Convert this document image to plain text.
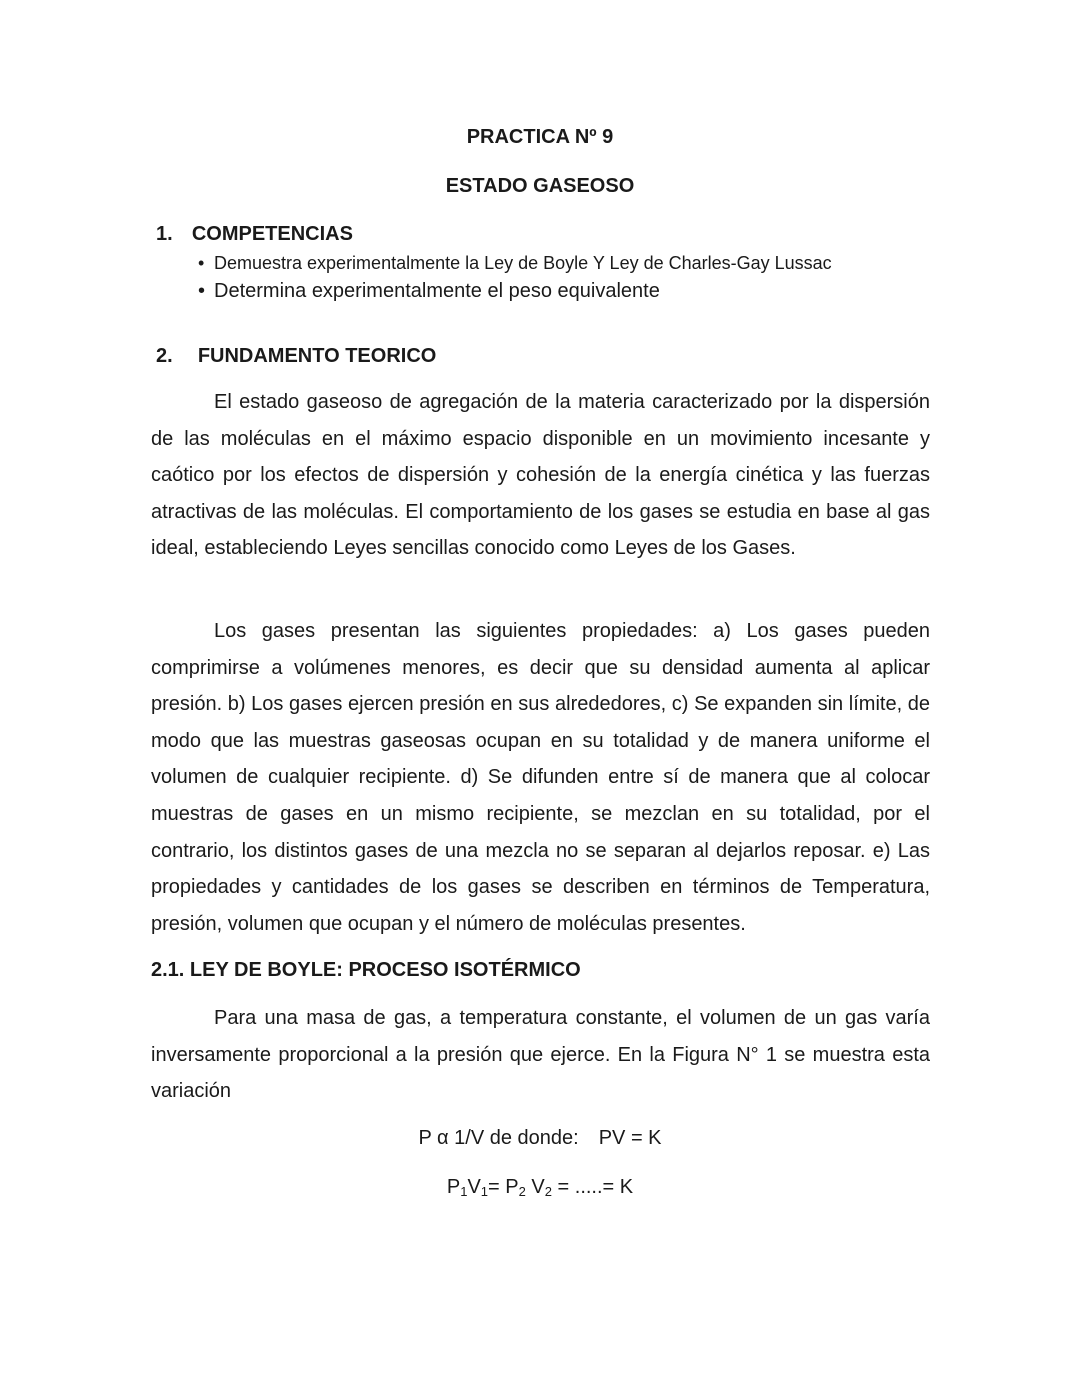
PRACTICA Nº 9
ESTADO GASEOSO
1. COMPETENCIAS
• Demuestra experimentalmente la Ley de Boyle Y Ley de Charles-Gay Lussac
• Determina experimentalmente el peso equivalente
2. FUNDAMENTO TEORICO

El estado gaseoso de agregación de la materia caracterizado por la dispersión de las moléculas en el máximo espacio disponible en un movimiento incesante y caótico por los efectos de dispersión y cohesión de la energía cinética y las fuerzas atractivas de las moléculas. El comportamiento de los gases se estudia en base al gas ideal, estableciendo Leyes sencillas conocido como Leyes de los Gases.

Los gases presentan las siguientes propiedades: a) Los gases pueden comprimirse a volúmenes menores, es decir que su densidad aumenta al aplicar presión. b) Los gases ejercen presión en sus alrededores, c) Se expanden sin límite, de modo que las muestras gaseosas ocupan en su totalidad y de manera uniforme el volumen de cualquier recipiente. d) Se difunden entre sí de manera que al colocar muestras de gases en un mismo recipiente, se mezclan en su totalidad, por el contrario, los distintos gases de una mezcla no se separan al dejarlos reposar. e) Las propiedades y cantidades de los gases se describen en términos de Temperatura, presión, volumen que ocupan y el número de moléculas presentes.

2.1. LEY DE BOYLE: PROCESO ISOTÉRMICO

Para una masa de gas, a temperatura constante, el volumen de un gas varía inversamente proporcional a la presión que ejerce. En la Figura N° 1 se muestra esta variación

P α 1/V de donde: PV = K
$P_1V_1= P_2$ $V_2$ = .....= K
